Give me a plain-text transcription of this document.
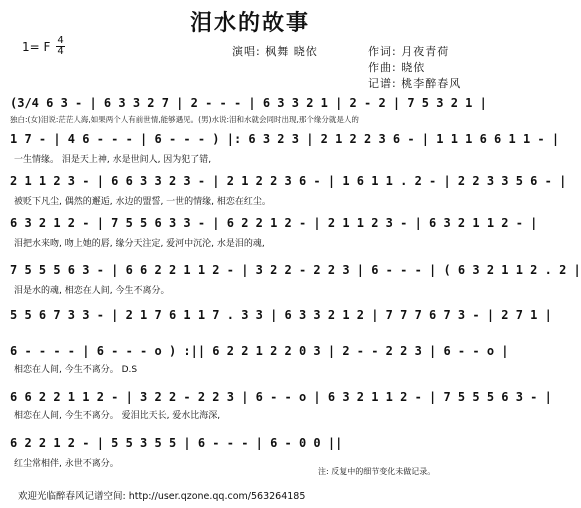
泪水的故事
1= F 4
4	演唱: 枫舞 晓依	作词: 月夜青荷
作曲: 晓依
记谱: 桃李醉春风
(3/4 6 3 - | 6 3 3 2 7 | 2 - - - | 6 3 3 2 1 | 2 - 2 | 7 5 3 2 1 |
独白:(女)泪说:茫茫人海,如果两个人有前世情,能够遇见。(男)水说:泪和水就会同时出现,那个缘分就是人的
1 7 - | 4 6 - - - | 6 - - - ) |: 6 3 2 3 | 2 1 2 2 3 6 - | 1 1 1 6 6 1 1 - |
一生情缘。 泪是天上神, 水是世间人, 因为犯了错,
2 1 1 2 3 - | 6 6 3 3 2 3 - | 2 1 2 2 3 6 - | 1 6 1 1 . 2 - | 2 2 3 3 5 6 - |
被贬下凡尘, 偶然的邂逅, 水边的盟誓, 一世的情缘, 相恋在红尘。
6 3 2 1 2 - | 7 5 5 6 3 3 - | 6 2 2 1 2 - | 2 1 1 2 3 - | 6 3 2 1 1 2 - |
泪把水来吻, 吻上她的唇, 缘分天注定, 爱河中沉沦, 水是泪的魂,
7 5 5 5 6 3 - | 6 6 2 2 1 1 2 - | 3 2 2 - 2 2 3 | 6 - - - | ( 6 3 2 1 1 2 . 2 |
泪是水的魂, 相恋在人间, 今生不离分。
5 5 6 7 3 3 - | 2 1 7 6 1 1 7 . 3 3 | 6 3 3 2 1 2 | 7 7 7 6 7 3 - | 2 7 1 |
6 - - - - | 6 - - - o ) :|| 6 2 2 1 2 2 0 3 | 2 - - 2 2 3 | 6 - - o |
相恋在人间, 今生不离分。 D.S
6 6 2 2 1 1 2 - | 3 2 2 - 2 2 3 | 6 - - o | 6 3 2 1 1 2 - | 7 5 5 5 6 3 - |
相恋在人间, 今生不离分。 爱泪比天长, 爱水比海深,
6 2 2 1 2 - | 5 5 3 5 5 | 6 - - - | 6 - 0 0 ||
红尘常相伴, 永世不离分。
注: 反复中的细节变化未做记录。
欢迎光临醉春风记谱空间: http://user.qzone.qq.com/563264185
